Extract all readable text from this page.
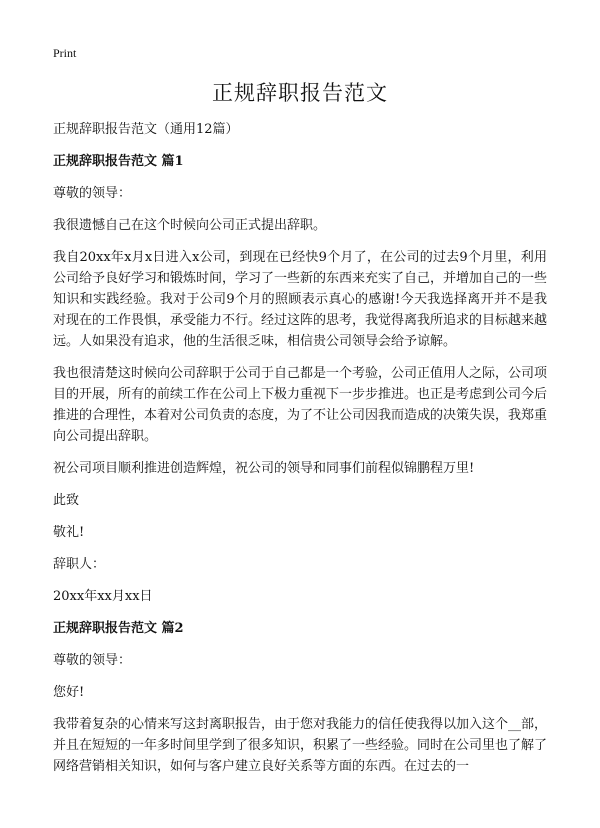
Print
正规辞职报告范文

正规辞职报告范文（通用12篇）

正规辞职报告范文 篇1

尊敬的领导：

我很遗憾自己在这个时候向公司正式提出辞职。

我自20xx年x月x日进入x公司，到现在已经快9个月了，在公司的过去9个月里，利用公司给予良好学习和锻炼时间，学习了一些新的东西来充实了自己，并增加自己的一些知识和实践经验。我对于公司9个月的照顾表示真心的感谢!今天我选择离开并不是我对现在的工作畏惧，承受能力不行。经过这阵的思考，我觉得离我所追求的目标越来越远。人如果没有追求，他的生活很乏味，相信贵公司领导会给予谅解。

我也很清楚这时候向公司辞职于公司于自己都是一个考验，公司正值用人之际，公司项目的开展，所有的前续工作在公司上下极力重视下一步步推进。也正是考虑到公司今后推进的合理性，本着对公司负责的态度，为了不让公司因我而造成的决策失误，我郑重向公司提出辞职。

祝公司项目顺利推进创造辉煌，祝公司的领导和同事们前程似锦鹏程万里!

此致

敬礼!

辞职人：

20xx年xx月xx日

正规辞职报告范文 篇2

尊敬的领导：

您好!

我带着复杂的心情来写这封离职报告，由于您对我能力的信任使我得以加入这个__部，并且在短短的一年多时间里学到了很多知识，积累了一些经验。同时在公司里也了解了网络营销相关知识，如何与客户建立良好关系等方面的东西。在过去的一
